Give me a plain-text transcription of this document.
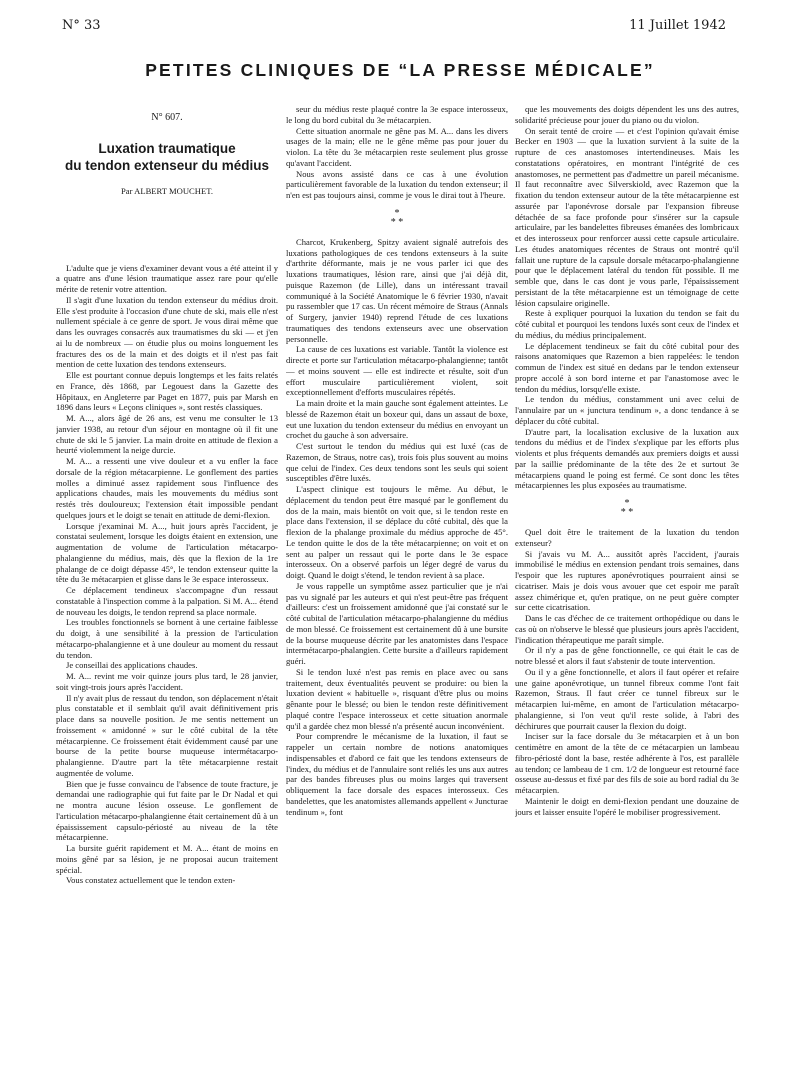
N° 33	11 Juillet 1942
PETITES CLINIQUES DE “LA PRESSE MÉDICALE”
N° 607.
Luxation traumatique
du tendon extenseur du médius
Par ALBERT MOUCHET.

L'adulte que je viens d'examiner devant vous a été atteint il y a quatre ans d'une lésion traumatique assez rare pour qu'elle mérite de retenir votre attention.

Il s'agit d'une luxation du tendon extenseur du médius droit. Elle s'est produite à l'occasion d'une chute de ski, mais elle n'est nullement spéciale à ce genre de sport. Je vous dirai même que dans les ouvrages consacrés aux traumatismes du ski — et j'en ai lu de nombreux — on étudie plus ou moins longuement les fractures des os de la main et des doigts et il n'est pas fait mention de cette luxation des tendons extenseurs.

Elle est pourtant connue depuis longtemps et les faits relatés en France, dès 1868, par Legouest dans la Gazette des Hôpitaux, en Angleterre par Paget en 1877, puis par Marsh en 1896 dans leurs « Leçons cliniques », sont restés classiques.

M. A..., alors âgé de 26 ans, est venu me consulter le 13 janvier 1938, au retour d'un séjour en montagne où il fit une chute de ski le 5 janvier. La main droite en attitude de flexion a heurté violemment la neige durcie.

M. A... a ressenti une vive douleur et a vu enfler la face dorsale de la région métacarpienne. Le gonflement des parties molles a diminué assez rapidement sous l'influence des applications chaudes, mais les mouvements du médius sont restés très douloureux; l'extension était impossible pendant quelques jours et le doigt se tenait en attitude de demi-flexion.

Lorsque j'examinai M. A..., huit jours après l'accident, je constatai seulement, lorsque les doigts étaient en extension, une augmentation de volume de l'articulation métacarpo-phalangienne du médius, mais, dès que la flexion de la 1re phalange de ce doigt dépasse 45°, le tendon extenseur quitte la tête du 3e métacarpien et glisse dans le 3e espace interosseux.

Ce déplacement tendineux s'accompagne d'un ressaut constatable à l'inspection comme à la palpation. Si M. A... étend de nouveau les doigts, le tendon reprend sa place normale.

Les troubles fonctionnels se bornent à une certaine faiblesse du doigt, à une sensibilité à la pression de l'articulation métacarpo-phalangienne et à une douleur au moment du ressaut du tendon.

Je conseillai des applications chaudes.

M. A... revint me voir quinze jours plus tard, le 28 janvier, soit vingt-trois jours après l'accident.

Il n'y avait plus de ressaut du tendon, son déplacement n'était plus constatable et il semblait qu'il avait définitivement pris place dans sa nouvelle position. Je me sentis nettement un froissement « amidonné » sur le côté cubital de la tête métacarpienne. Ce froissement était évidemment causé par une bourse de la petite bourse muqueuse intermétacarpo-phalangienne. D'autre part la tête métacarpienne restait augmentée de volume.

Bien que je fusse convaincu de l'absence de toute fracture, je demandai une radiographie qui fut faite par le Dr Nadal et qui ne montra aucune lésion osseuse. Le gonflement de l'articulation métacarpo-phalangienne était certainement dû à un épaississement capsulo-périosté au niveau de la tête métacarpienne.

La bursite guérit rapidement et M. A... étant de moins en moins gêné par sa lésion, je ne proposai aucun traitement spécial.

Vous constatez actuellement que le tendon exten-

seur du médius reste plaqué contre la 3e espace interosseux, le long du bord cubital du 3e métacarpien.

Cette situation anormale ne gêne pas M. A... dans les divers usages de la main; elle ne le gêne même pas pour jouer du violon. La tête du 3e métacarpien reste seulement plus grosse qu'avant l'accident.

Nous avons assisté dans ce cas à une évolution particulièrement favorable de la luxation du tendon extenseur; il n'en est pas toujours ainsi, comme je vous le dirai tout à l'heure.

*
* *

Charcot, Krukenberg, Spitzy avaient signalé autrefois des luxations pathologiques de ces tendons extenseurs à la suite d'arthrite déformante, mais je ne vous parler ici que des luxations traumatiques, lésion rare, ainsi que j'ai déjà dit, puisque Razemon (de Lille), dans un intéressant travail communiqué à la Société Anatomique le 6 février 1930, n'avait pu rassembler que 17 cas. Un récent mémoire de Straus (Annals of Surgery, janvier 1940) reprend l'étude de ces luxations traumatiques des tendons extenseurs avec une observation personnelle.

La cause de ces luxations est variable. Tantôt la violence est directe et porte sur l'articulation métacarpo-phalangienne; tantôt — et moins souvent — elle est indirecte et résulte, soit d'un effort musculaire particulièrement violent, soit exceptionnellement d'efforts musculaires répétés.

La main droite et la main gauche sont également atteintes. Le blessé de Razemon était un boxeur qui, dans un assaut de boxe, eut une luxation du tendon extenseur du médius en envoyant un crochet du gauche à son adversaire.

C'est surtout le tendon du médius qui est luxé (cas de Razemon, de Straus, notre cas), trois fois plus souvent au moins que celui de l'index. Ces deux tendons sont les seuls qui soient susceptibles d'être luxés.

L'aspect clinique est toujours le même. Au début, le déplacement du tendon peut être masqué par le gonflement du dos de la main, mais bientôt on voit que, si le tendon reste en place dans l'extension, il se déplace du côté cubital, dès que la flexion de la phalange proximale du médius approche de 45°. Le tendon quitte le dos de la tête métacarpienne; on voit et on sent au palper un ressaut qui le porte dans le 3e espace interosseux. On a observé parfois un léger degré de varus du doigt. Quand le doigt s'étend, le tendon revient à sa place.

Je vous rappelle un symptôme assez particulier que je n'ai pas vu signalé par les auteurs et qui n'est peut-être pas fréquent d'ailleurs: c'est un froissement amidonné que j'ai constaté sur le côté cubital de l'articulation métacarpo-phalangienne du médius de mon blessé. Ce froissement est certainement dû à une bursite de la bourse muqueuse décrite par les anatomistes dans l'espace intermétacarpo-phalangien. Cette bursite a d'ailleurs rapidement guéri.

Si le tendon luxé n'est pas remis en place avec ou sans traitement, deux éventualités peuvent se produire: ou bien la luxation devient « habituelle », risquant d'être plus ou moins gênante pour le blessé; ou bien le tendon reste définitivement plaqué contre l'espace interosseux et cette situation anormale qu'il a gardée chez mon blessé n'a présenté aucun inconvénient.

Pour comprendre le mécanisme de la luxation, il faut se rappeler un certain nombre de notions anatomiques indispensables et d'abord ce fait que les tendons extenseurs de l'index, du médius et de l'annulaire sont reliés les uns aux autres par des bandes fibreuses plus ou moins larges qui traversent obliquement la face dorsale des espaces interosseux. Ces bandelettes, que les anatomistes allemands appellent « Juncturae tendinum », font

que les mouvements des doigts dépendent les uns des autres, solidarité précieuse pour jouer du piano ou du violon.

On serait tenté de croire — et c'est l'opinion qu'avait émise Becker en 1903 — que la luxation survient à la suite de la rupture de ces anastomoses intertendineuses. Mais les constatations opératoires, en montrant l'intégrité de ces anastomoses, ne permettent pas d'admettre un pareil mécanisme. Il faut reconnaître avec Silverskiold, avec Razemon que la fixation du tendon extenseur autour de la tête métacarpienne est assurée par l'aponévrose dorsale par l'expansion fibreuse détachée de sa face profonde pour s'insérer sur la capsule articulaire, par les bandelettes fibreuses émanées des lombricaux et des interosseux pour renforcer aussi cette capsule articulaire. Les études anatomiques récentes de Straus ont montré qu'il fallait une rupture de la capsule dorsale métacarpo-phalangienne pour que le déplacement latéral du tendon fût possible. Il me semble que, dans le cas dont je vous parle, l'épaississement persistant de la tête métacarpienne est un témoignage de cette lésion capsulaire originelle.

Reste à expliquer pourquoi la luxation du tendon se fait du côté cubital et pourquoi les tendons luxés sont ceux de l'index et du médius, du médius principalement.

Le déplacement tendineux se fait du côté cubital pour des raisons anatomiques que Razemon a bien rappelées: le tendon commun de l'index est situé en dedans par le tendon extenseur propre accolé à son bord interne et par l'anastomose avec le tendon du médius, lorsqu'elle existe.

Le tendon du médius, constamment uni avec celui de l'annulaire par un « junctura tendinum », a donc tendance à se déplacer du côté cubital.

D'autre part, la localisation exclusive de la luxation aux tendons du médius et de l'index s'explique par les efforts plus violents et plus fréquents demandés aux premiers doigts et aussi par la saillie prédominante de la tête des 2e et surtout 3e métacarpiens quand le poing est fermé. Ce sont donc les têtes métacarpiennes les plus exposées au traumatisme.

*
* *

Quel doit être le traitement de la luxation du tendon extenseur?

Si j'avais vu M. A... aussitôt après l'accident, j'aurais immobilisé le médius en extension pendant trois semaines, dans l'espoir que les ruptures aponévrotiques pourraient ainsi se cicatriser. Mais je dois vous avouer que cet espoir me paraît assez chimérique et, qu'en pratique, on ne peut guère compter sur cette cicatrisation.

Dans le cas d'échec de ce traitement orthopédique ou dans le cas où on n'observe le blessé que plusieurs jours après l'accident, l'indication thérapeutique me paraît simple.

Or il n'y a pas de gêne fonctionnelle, ce qui était le cas de notre blessé et alors il faut s'abstenir de toute intervention.

Ou il y a gêne fonctionnelle, et alors il faut opérer et refaire une gaine aponévrotique, un tunnel fibreux comme l'ont fait Razemon, Straus. Il faut créer ce tunnel fibreux sur le métacarpien lui-même, en amont de l'articulation métacarpo-phalangienne, si l'on veut qu'il reste solide, à l'abri des déchirures que pourrait causer la flexion du doigt.

Inciser sur la face dorsale du 3e métacarpien et à un bon centimètre en amont de la tête de ce métacarpien un lambeau fibro-périosté dont la base, restée adhérente à l'os, est parallèle au tendon; ce lambeau de 1 cm. 1/2 de longueur est retourné face osseuse au-dessus et fixé par des fils de soie au bord radial du 3e métacarpien.

Maintenir le doigt en demi-flexion pendant une douzaine de jours et laisser ensuite l'opéré le mobiliser progressivement.
